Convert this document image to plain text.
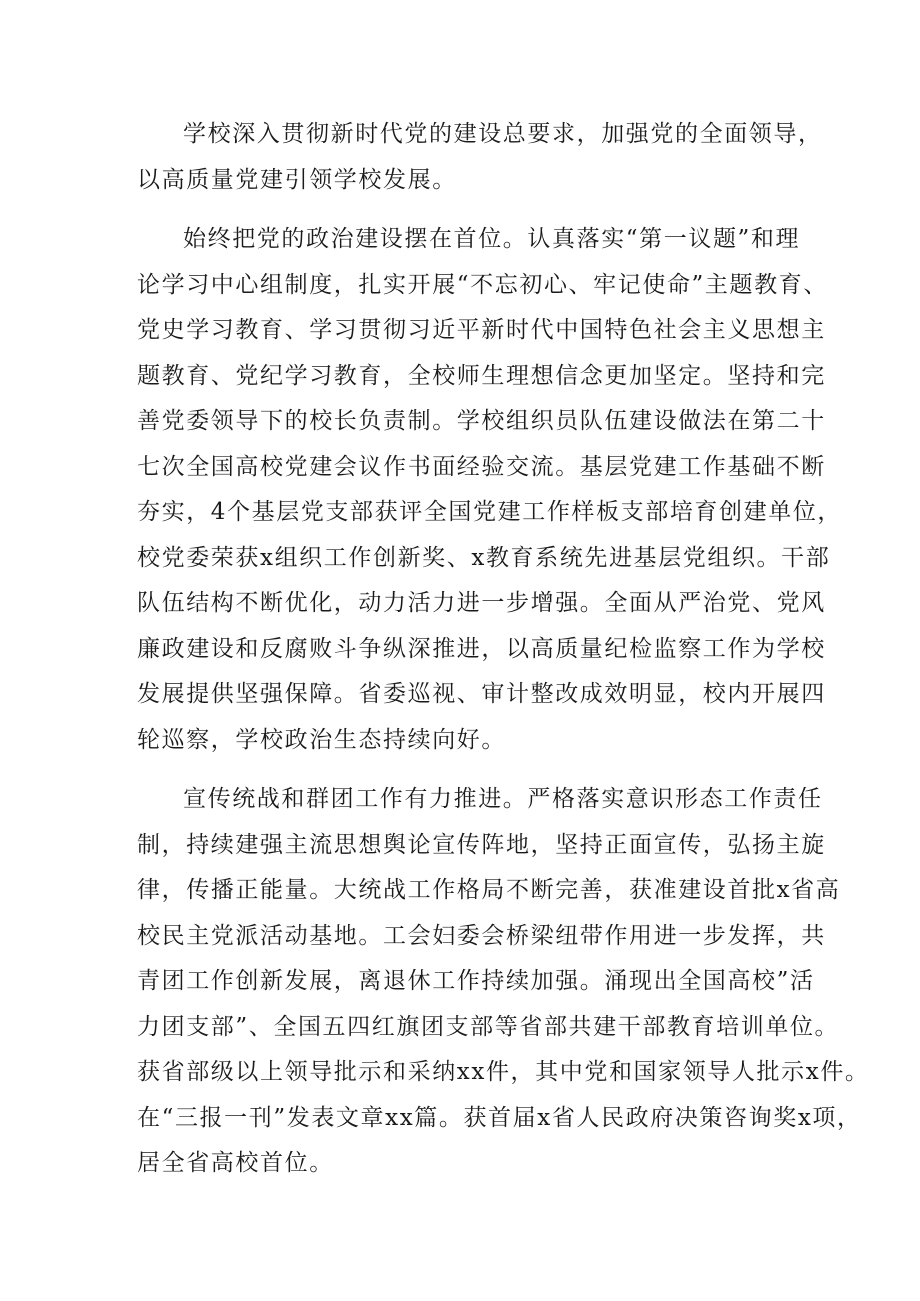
学校深入贯彻新时代党的建设总要求，加强党的全面领导，
以高质量党建引领学校发展。

始终把党的政治建设摆在首位。认真落实“第一议题”和理
论学习中心组制度，扎实开展“不忘初心、牢记使命”主题教育、
党史学习教育、学习贯彻习近平新时代中国特色社会主义思想主
题教育、党纪学习教育，全校师生理想信念更加坚定。坚持和完
善党委领导下的校长负责制。学校组织员队伍建设做法在第二十
七次全国高校党建会议作书面经验交流。基层党建工作基础不断
夯实，4个基层党支部获评全国党建工作样板支部培育创建单位，
校党委荣获x组织工作创新奖、x教育系统先进基层党组织。干部
队伍结构不断优化，动力活力进一步增强。全面从严治党、党风
廉政建设和反腐败斗争纵深推进，以高质量纪检监察工作为学校
发展提供坚强保障。省委巡视、审计整改成效明显，校内开展四
轮巡察，学校政治生态持续向好。

宣传统战和群团工作有力推进。严格落实意识形态工作责任
制，持续建强主流思想舆论宣传阵地，坚持正面宣传，弘扬主旋
律，传播正能量。大统战工作格局不断完善，获准建设首批x省高
校民主党派活动基地。工会妇委会桥梁纽带作用进一步发挥，共
青团工作创新发展，离退休工作持续加强。涌现出全国高校”活
力团支部”、全国五四红旗团支部等省部共建干部教育培训单位。
获省部级以上领导批示和采纳xx件，其中党和国家领导人批示x件。
在“三报一刊”发表文章xx篇。获首届x省人民政府决策咨询奖x项，
居全省高校首位。
